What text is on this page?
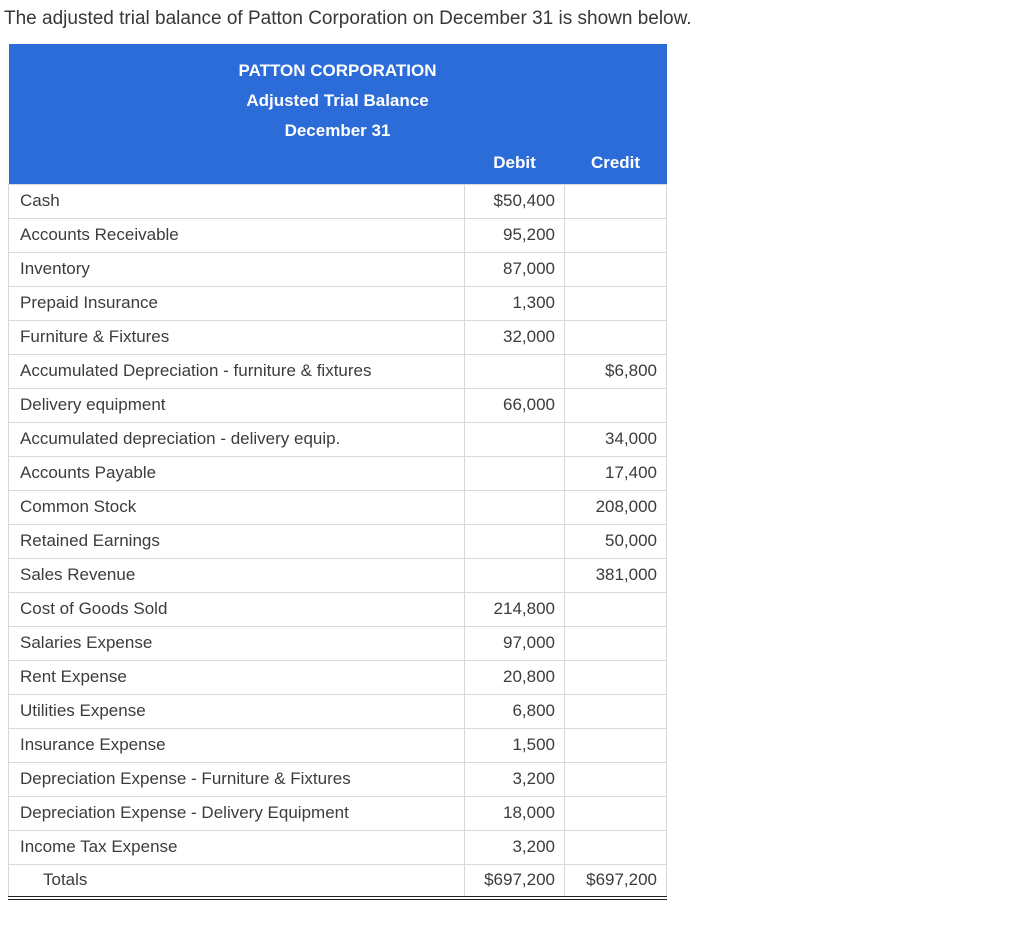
The adjusted trial balance of Patton Corporation on December 31 is shown below.

PATTON CORPORATION
Adjusted Trial Balance
December 31		

	Debit	Credit
Cash	$50,400	
Accounts Receivable	95,200	
Inventory	87,000	
Prepaid Insurance	1,300	
Furniture & Fixtures	32,000	
Accumulated Depreciation - furniture & fixtures		$6,800
Delivery equipment	66,000	
Accumulated depreciation - delivery equip.		34,000
Accounts Payable		17,400
Common Stock		208,000
Retained Earnings		50,000
Sales Revenue		381,000
Cost of Goods Sold	214,800	
Salaries Expense	97,000	
Rent Expense	20,800	
Utilities Expense	6,800	
Insurance Expense	1,500	
Depreciation Expense - Furniture & Fixtures	3,200	
Depreciation Expense - Delivery Equipment	18,000	
Income Tax Expense	3,200	
Totals	$697,200	$697,200
